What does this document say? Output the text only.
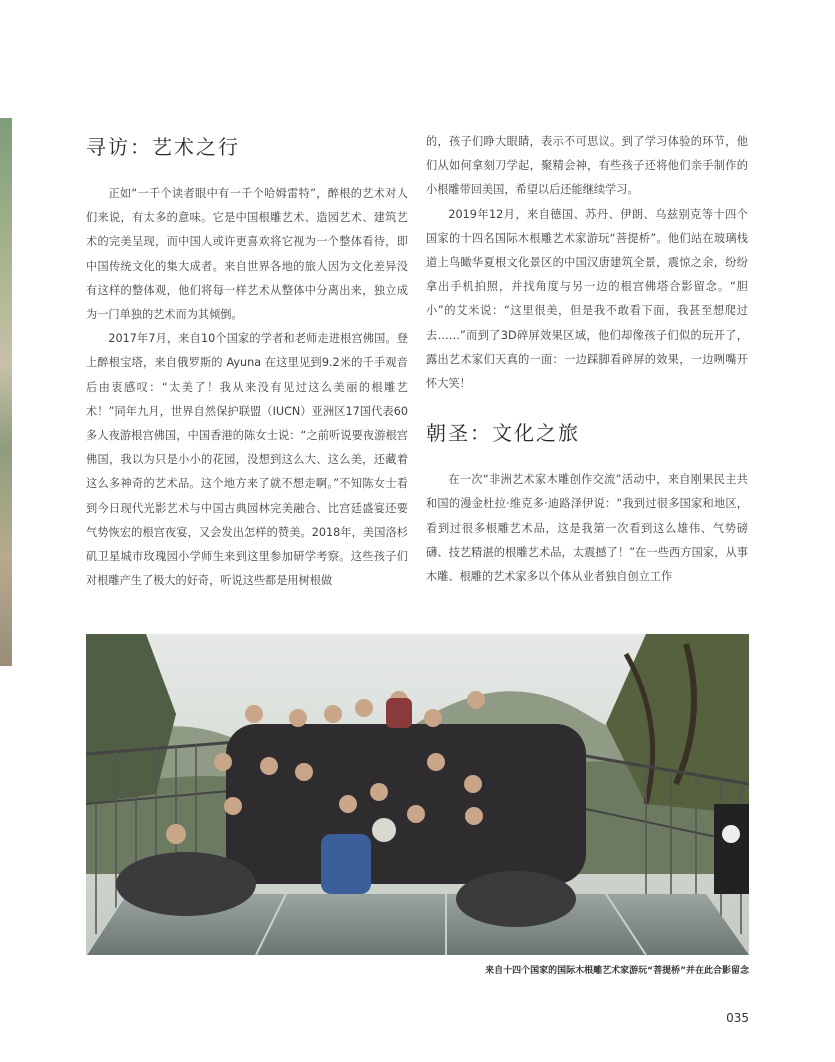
寻访：艺术之行

正如“一千个读者眼中有一千个哈姆雷特”，醉根的艺术对人们来说，有太多的意味。它是中国根雕艺术、造园艺术、建筑艺术的完美呈现，而中国人或许更喜欢将它视为一个整体看待，即中国传统文化的集大成者。来自世界各地的旅人因为文化差异没有这样的整体观，他们将每一样艺术从整体中分离出来，独立成为一门单独的艺术而为其倾倒。

2017年7月，来自10个国家的学者和老师走进根宫佛国。登上醉根宝塔，来自俄罗斯的 Ayuna 在这里见到9.2米的千手观音后由衷感叹：“太美了！我从来没有见过这么美丽的根雕艺术！”同年九月，世界自然保护联盟（IUCN）亚洲区17国代表60多人夜游根宫佛国，中国香港的陈女士说：“之前听说要夜游根宫佛国，我以为只是小小的花园，没想到这么大、这么美，还藏着这么多神奇的艺术品。这个地方来了就不想走啊。”不知陈女士看到今日现代光影艺术与中国古典园林完美融合、比宫廷盛宴还要气势恢宏的根宫夜宴，又会发出怎样的赞美。2018年，美国洛杉矶卫星城市玫瑰园小学师生来到这里参加研学考察。这些孩子们对根雕产生了极大的好奇，听说这些都是用树根做

的，孩子们睁大眼睛，表示不可思议。到了学习体验的环节，他们从如何拿刻刀学起，聚精会神，有些孩子还将他们亲手制作的小根雕带回美国，希望以后还能继续学习。

2019年12月，来自德国、苏丹、伊朗、乌兹别克等十四个国家的十四名国际木根雕艺术家游玩“菩提桥”。他们站在玻璃栈道上鸟瞰华夏根文化景区的中国汉唐建筑全景，震惊之余，纷纷拿出手机拍照，并找角度与另一边的根宫佛塔合影留念。“胆小”的艾米说：“这里很美，但是我不敢看下面，我甚至想爬过去……”而到了3D碎屏效果区域，他们却像孩子们似的玩开了，露出艺术家们天真的一面：一边踩脚看碎屏的效果，一边咧嘴开怀大笑！

朝圣：文化之旅

在一次“非洲艺术家木雕创作交流”活动中，来自刚果民主共和国的漫金杜拉·维克多·迪路泽伊说：“我到过很多国家和地区，看到过很多根雕艺术品，这是我第一次看到这么雄伟、气势磅礴、技艺精湛的根雕艺术品，太震撼了！”在一些西方国家，从事木雕、根雕的艺术家多以个体从业者独自创立工作

来自十四个国家的国际木根雕艺术家游玩“菩提桥”并在此合影留念
035
